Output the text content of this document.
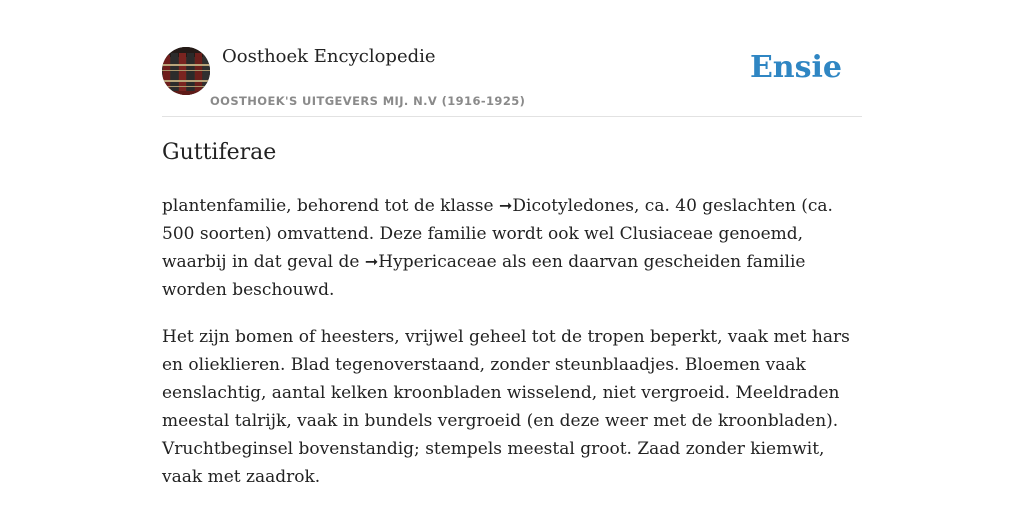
Oosthoek Encyclopedie
OOSTHOEK'S UITGEVERS MIJ. N.V (1916-1925)
Ensie
Guttiferae

plantenfamilie, behorend tot de klasse ➞Dicotyledones, ca. 40 geslachten (ca. 500 soorten) omvattend. Deze familie wordt ook wel Clusiaceae genoemd, waarbij in dat geval de ➞Hypericaceae als een daarvan gescheiden familie worden beschouwd.

Het zijn bomen of heesters, vrijwel geheel tot de tropen beperkt, vaak met hars en olieklieren. Blad tegenoverstaand, zonder steunblaadjes. Bloemen vaak eenslachtig, aantal kelken kroonbladen wisselend, niet vergroeid. Meeldraden meestal talrijk, vaak in bundels vergroeid (en deze weer met de kroonbladen). Vruchtbeginsel bovenstandig; stempels meestal groot. Zaad zonder kiemwit, vaak met zaadrok.
